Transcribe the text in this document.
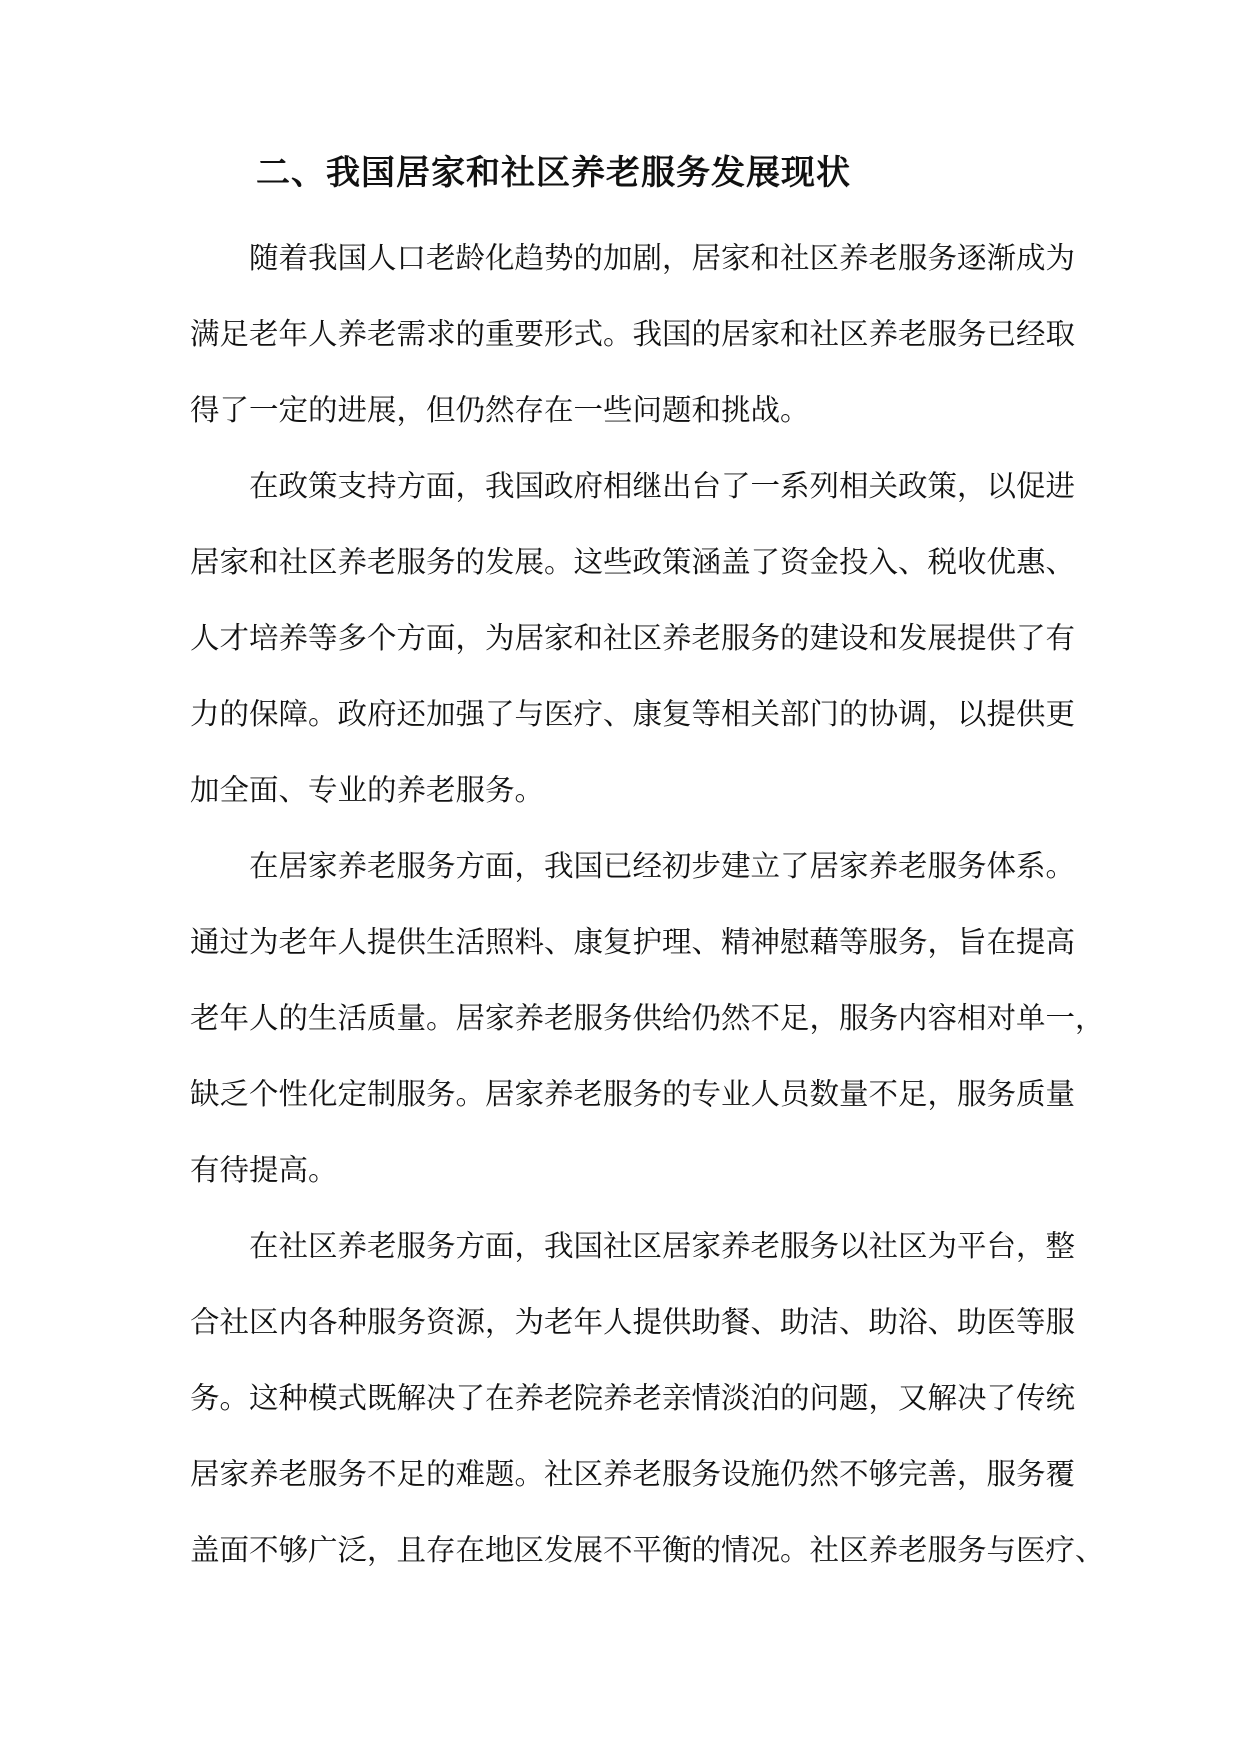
二、我国居家和社区养老服务发展现状

随着我国人口老龄化趋势的加剧，居家和社区养老服务逐渐成为

满足老年人养老需求的重要形式。我国的居家和社区养老服务已经取

得了一定的进展，但仍然存在一些问题和挑战。

在政策支持方面，我国政府相继出台了一系列相关政策，以促进

居家和社区养老服务的发展。这些政策涵盖了资金投入、税收优惠、

人才培养等多个方面，为居家和社区养老服务的建设和发展提供了有

力的保障。政府还加强了与医疗、康复等相关部门的协调，以提供更

加全面、专业的养老服务。

在居家养老服务方面，我国已经初步建立了居家养老服务体系。

通过为老年人提供生活照料、康复护理、精神慰藉等服务，旨在提高

老年人的生活质量。居家养老服务供给仍然不足，服务内容相对单一，

缺乏个性化定制服务。居家养老服务的专业人员数量不足，服务质量

有待提高。

在社区养老服务方面，我国社区居家养老服务以社区为平台，整

合社区内各种服务资源，为老年人提供助餐、助洁、助浴、助医等服

务。这种模式既解决了在养老院养老亲情淡泊的问题，又解决了传统

居家养老服务不足的难题。社区养老服务设施仍然不够完善，服务覆

盖面不够广泛，且存在地区发展不平衡的情况。社区养老服务与医疗、
